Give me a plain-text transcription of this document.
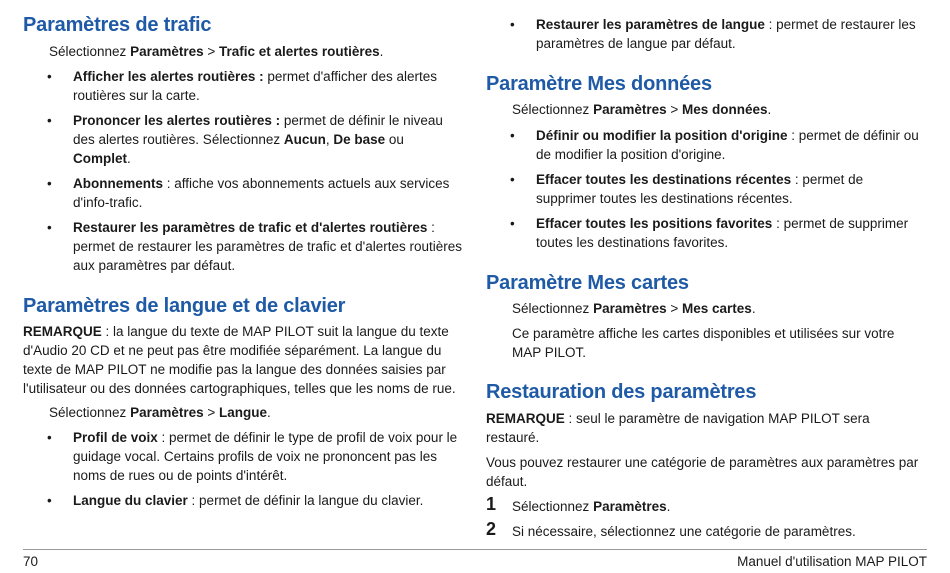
Paramètres de trafic

Sélectionnez Paramètres > Trafic et alertes routières.

• Afficher les alertes routières : permet d'afficher des alertes routières sur la carte.
• Prononcer les alertes routières : permet de définir le niveau des alertes routières. Sélectionnez Aucun, De base ou Complet.
• Abonnements : affiche vos abonnements actuels aux services d'info-trafic.
• Restaurer les paramètres de trafic et d'alertes routières : permet de restaurer les paramètres de trafic et d'alertes routières aux paramètres par défaut.
Paramètres de langue et de clavier

REMARQUE : la langue du texte de MAP PILOT suit la langue du texte d'Audio 20 CD et ne peut pas être modifiée séparément. La langue du texte de MAP PILOT ne modifie pas la langue des données saisies par l'utilisateur ou des données cartographiques, telles que les noms de rue.

Sélectionnez Paramètres > Langue.

• Profil de voix : permet de définir le type de profil de voix pour le guidage vocal. Certains profils de voix ne prononcent pas les noms de rues ou de points d'intérêt.
• Langue du clavier : permet de définir la langue du clavier.
• Restaurer les paramètres de langue : permet de restaurer les paramètres de langue par défaut.
Paramètre Mes données

Sélectionnez Paramètres > Mes données.

• Définir ou modifier la position d'origine : permet de définir ou de modifier la position d'origine.
• Effacer toutes les destinations récentes : permet de supprimer toutes les destinations récentes.
• Effacer toutes les positions favorites : permet de supprimer toutes les destinations favorites.
Paramètre Mes cartes

Sélectionnez Paramètres > Mes cartes.

Ce paramètre affiche les cartes disponibles et utilisées sur votre MAP PILOT.

Restauration des paramètres

REMARQUE : seul le paramètre de navigation MAP PILOT sera restauré.

Vous pouvez restaurer une catégorie de paramètres aux paramètres par défaut.

1 Sélectionnez Paramètres.
2 Si nécessaire, sélectionnez une catégorie de paramètres.
70	Manuel d'utilisation MAP PILOT
